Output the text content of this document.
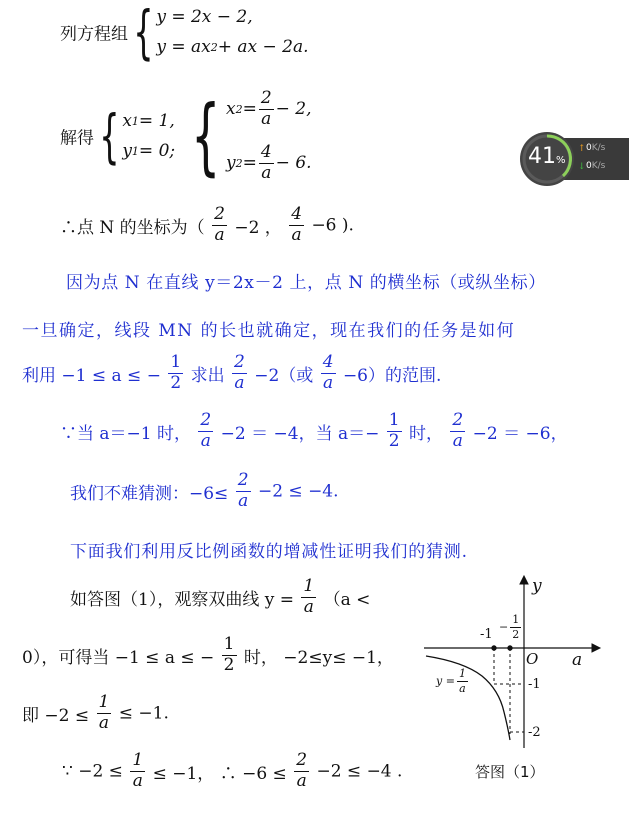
列方程组 { y = 2x − 2,
y = ax 2 + ax − 2a.
解得 { x 1 = 1,
y 1 = 0;
{ x $2 = \frac{2}{a} - 2$,
y $2 = \frac{4}{a} - 6$.	41%
↑
↓
0K/s
0K/s
∴点 N 的坐标为（ $\frac{2}{a} -2$ ， $\frac{4}{a} -6$ ).
因为点 N 在直线 y＝2x－2 上，点 N 的横坐标（或纵坐标）
一旦确定，线段 MN 的长也就确定，现在我们的任务是如何
利用 −1 ≤ a ≤ − $\frac{1}{2}$ 求出 $\frac{2}{a} -2$（或 $\frac{4}{a} -6$）的范围.
∵当 a＝−1 时， $\frac{2}{a} -2 = -4$，当 $a=- \frac{1}{2}$ 时， $\frac{2}{a} -2 = -6$，
我们不难猜测：$-6\le \frac{2}{a} -2 \le -4$.
下面我们利用反比例函数的增减性证明我们的猜测.
如答图（1），观察双曲线 $y = \frac{1}{a} (a$ <
0），可得当 −1 ≤ a ≤ − $\frac{1}{2}$ 时， −2≤y≤ −1，
即 $-2 \le \frac{1}{a} \le -1$.
∵ $-2 \le \frac{1}{a} \le -1$， ∴ $-6 \le \frac{2}{a} -2 \le -4$ .
y
a
O
$-1 - \frac{1}{2}$
-1
-2
$y = \frac{1}{a}$
答图（1）
